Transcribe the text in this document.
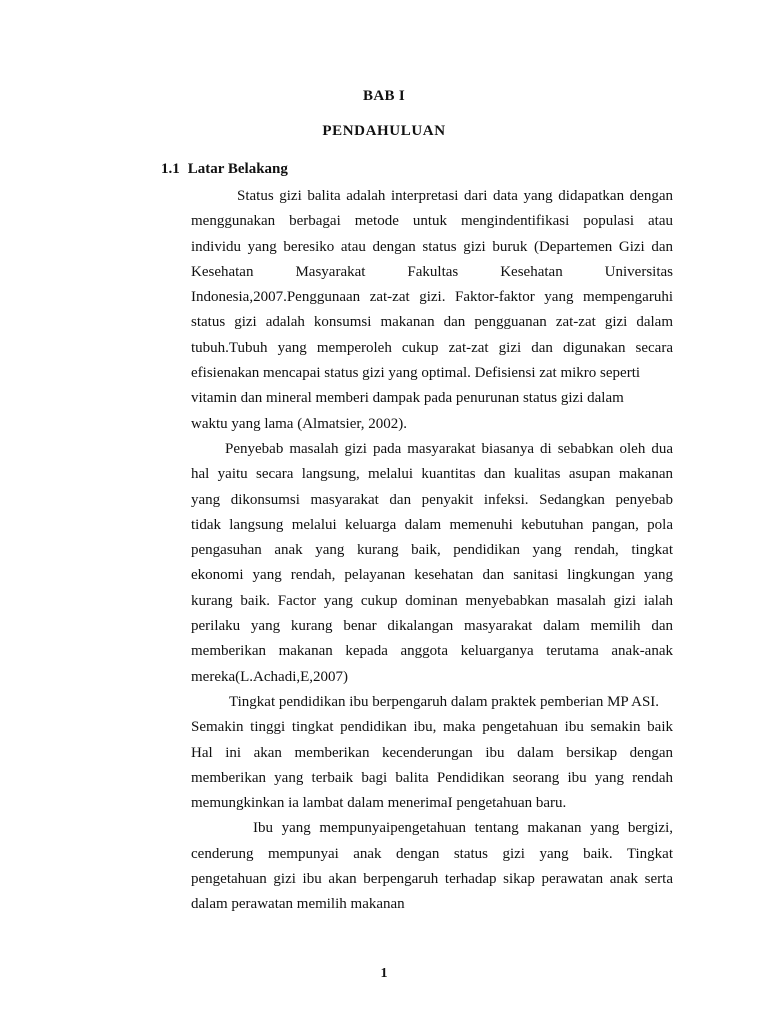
BAB I
PENDAHULUAN
1.1 Latar Belakang

Status gizi balita adalah interpretasi dari data yang didapatkan dengan
menggunakan berbagai metode untuk mengindentifikasi populasi atau
individu yang beresiko atau dengan status gizi buruk (Departemen Gizi dan
Kesehatan Masyarakat Fakultas Kesehatan Universitas
Indonesia,2007.Penggunaan zat-zat gizi. Faktor-faktor yang mempengaruhi
status gizi adalah konsumsi makanan dan pengguanan zat-zat gizi dalam
tubuh.Tubuh yang memperoleh cukup zat-zat gizi dan digunakan secara
efisienakan mencapai status gizi yang optimal. Defisiensi zat mikro seperti
vitamin dan mineral memberi dampak pada penurunan status gizi dalam
waktu yang lama (Almatsier, 2002).

Penyebab masalah gizi pada masyarakat biasanya di sebabkan oleh dua
hal yaitu secara langsung, melalui kuantitas dan kualitas asupan makanan
yang dikonsumsi masyarakat dan penyakit infeksi. Sedangkan penyebab
tidak langsung melalui keluarga dalam memenuhi kebutuhan pangan, pola
pengasuhan anak yang kurang baik, pendidikan yang rendah, tingkat
ekonomi yang rendah, pelayanan kesehatan dan sanitasi lingkungan yang
kurang baik. Factor yang cukup dominan menyebabkan masalah gizi ialah
perilaku yang kurang benar dikalangan masyarakat dalam memilih dan
memberikan makanan kepada anggota keluarganya terutama anak-anak
mereka(L.Achadi,E,2007)

Tingkat pendidikan ibu berpengaruh dalam praktek pemberian MP ASI.
Semakin tinggi tingkat pendidikan ibu, maka pengetahuan ibu semakin baik
Hal ini akan memberikan kecenderungan ibu dalam bersikap dengan
memberikan yang terbaik bagi balita Pendidikan seorang ibu yang rendah
memungkinkan ia lambat dalam menerimaI pengetahuan baru.

Ibu yang mempunyaipengetahuan tentang makanan yang bergizi,
cenderung mempunyai anak dengan status gizi yang baik. Tingkat
pengetahuan gizi ibu akan berpengaruh terhadap sikap perawatan anak serta
dalam perawatan memilih makanan

1
